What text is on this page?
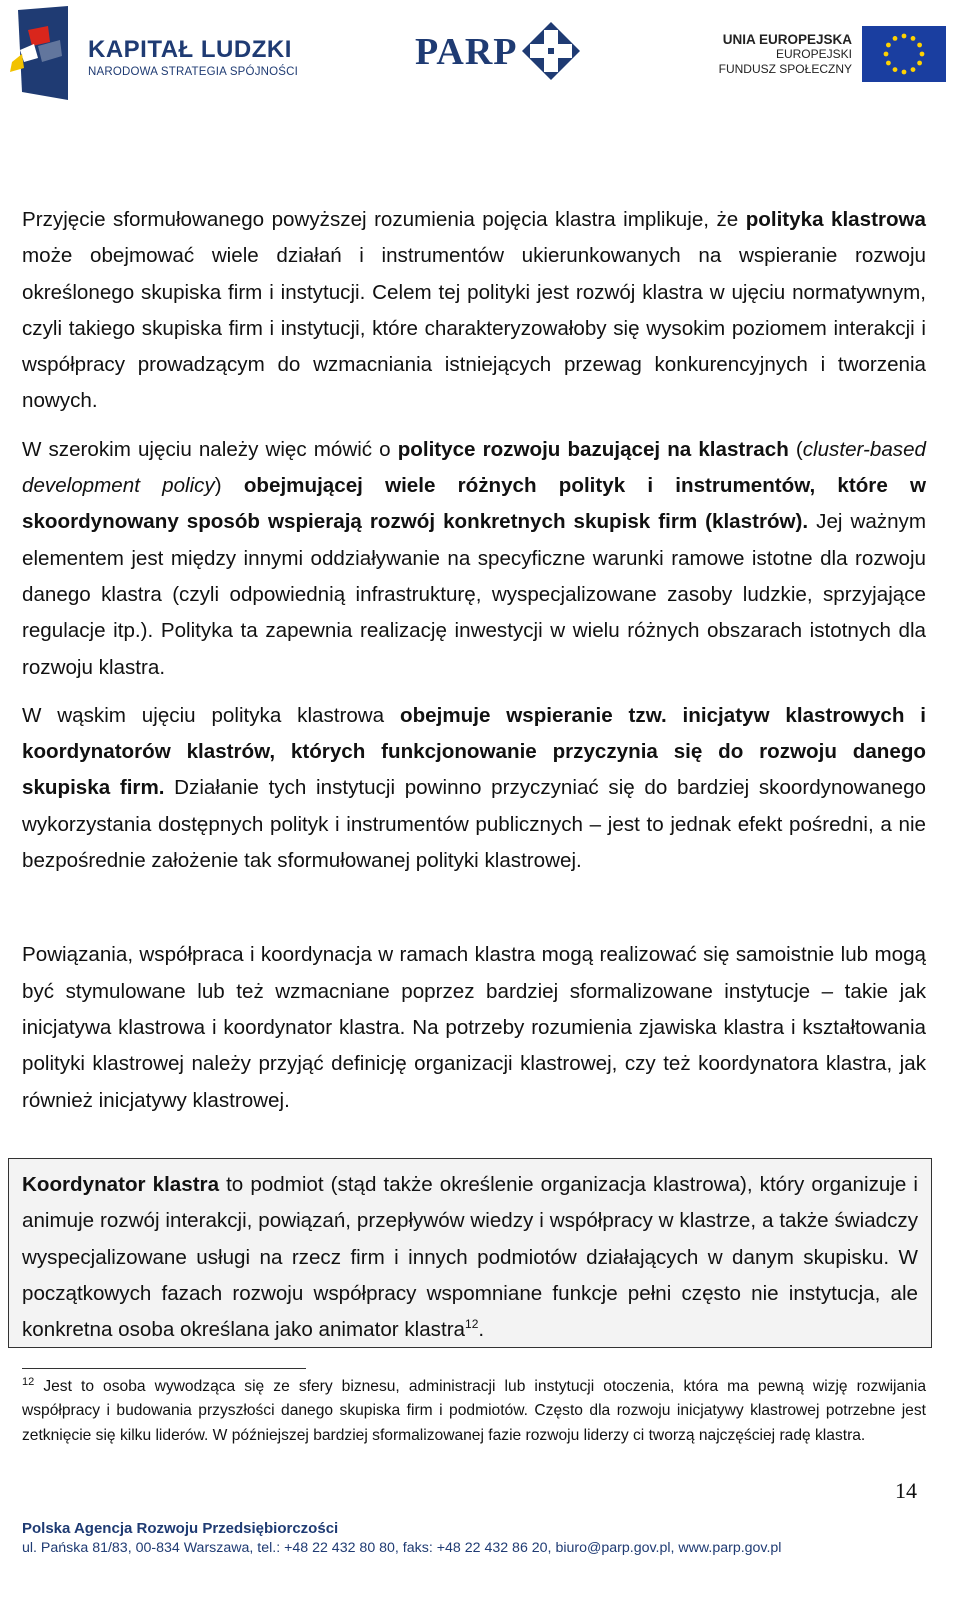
KAPITAŁ LUDZKI
NARODOWA STRATEGIA SPÓJNOŚCI	PARP	UNIA EUROPEJSKA
EUROPEJSKI
FUNDUSZ SPOŁECZNY

Przyjęcie sformułowanego powyższej rozumienia pojęcia klastra implikuje, że polityka klastrowa może obejmować wiele działań i instrumentów ukierunkowanych na wspieranie rozwoju określonego skupiska firm i instytucji. Celem tej polityki jest rozwój klastra w ujęciu normatywnym, czyli takiego skupiska firm i instytucji, które charakteryzowałoby się wysokim poziomem interakcji i współpracy prowadzącym do wzmacniania istniejących przewag konkurencyjnych i tworzenia nowych.

W szerokim ujęciu należy więc mówić o polityce rozwoju bazującej na klastrach (cluster-based development policy) obejmującej wiele różnych polityk i instrumentów, które w skoordynowany sposób wspierają rozwój konkretnych skupisk firm (klastrów). Jej ważnym elementem jest między innymi oddziaływanie na specyficzne warunki ramowe istotne dla rozwoju danego klastra (czyli odpowiednią infrastrukturę, wyspecjalizowane zasoby ludzkie, sprzyjające regulacje itp.). Polityka ta zapewnia realizację inwestycji w wielu różnych obszarach istotnych dla rozwoju klastra.

W wąskim ujęciu polityka klastrowa obejmuje wspieranie tzw. inicjatyw klastrowych i koordynatorów klastrów, których funkcjonowanie przyczynia się do rozwoju danego skupiska firm. Działanie tych instytucji powinno przyczyniać się do bardziej skoordynowanego wykorzystania dostępnych polityk i instrumentów publicznych – jest to jednak efekt pośredni, a nie bezpośrednie założenie tak sformułowanej polityki klastrowej.

Powiązania, współpraca i koordynacja w ramach klastra mogą realizować się samoistnie lub mogą być stymulowane lub też wzmacniane poprzez bardziej sformalizowane instytucje – takie jak inicjatywa klastrowa i koordynator klastra. Na potrzeby rozumienia zjawiska klastra i kształtowania polityki klastrowej należy przyjąć definicję organizacji klastrowej, czy też koordynatora klastra, jak również inicjatywy klastrowej.

Koordynator klastra to podmiot (stąd także określenie organizacja klastrowa), który organizuje i animuje rozwój interakcji, powiązań, przepływów wiedzy i współpracy w klastrze, a także świadczy wyspecjalizowane usługi na rzecz firm i innych podmiotów działających w danym skupisku. W początkowych fazach rozwoju współpracy wspomniane funkcje pełni często nie instytucja, ale konkretna osoba określana jako animator klastra$^{12}$.

$^{12}$ Jest to osoba wywodząca się ze sfery biznesu, administracji lub instytucji otoczenia, która ma pewną wizję rozwijania współpracy i budowania przyszłości danego skupiska firm i podmiotów. Często dla rozwoju inicjatywy klastrowej potrzebne jest zetknięcie się kilku liderów. W późniejszej bardziej sformalizowanej fazie rozwoju liderzy ci tworzą najczęściej radę klastra.
14
Polska Agencja Rozwoju Przedsiębiorczości
ul. Pańska 81/83, 00-834 Warszawa, tel.: +48 22 432 80 80, faks: +48 22 432 86 20, biuro@parp.gov.pl, www.parp.gov.pl
